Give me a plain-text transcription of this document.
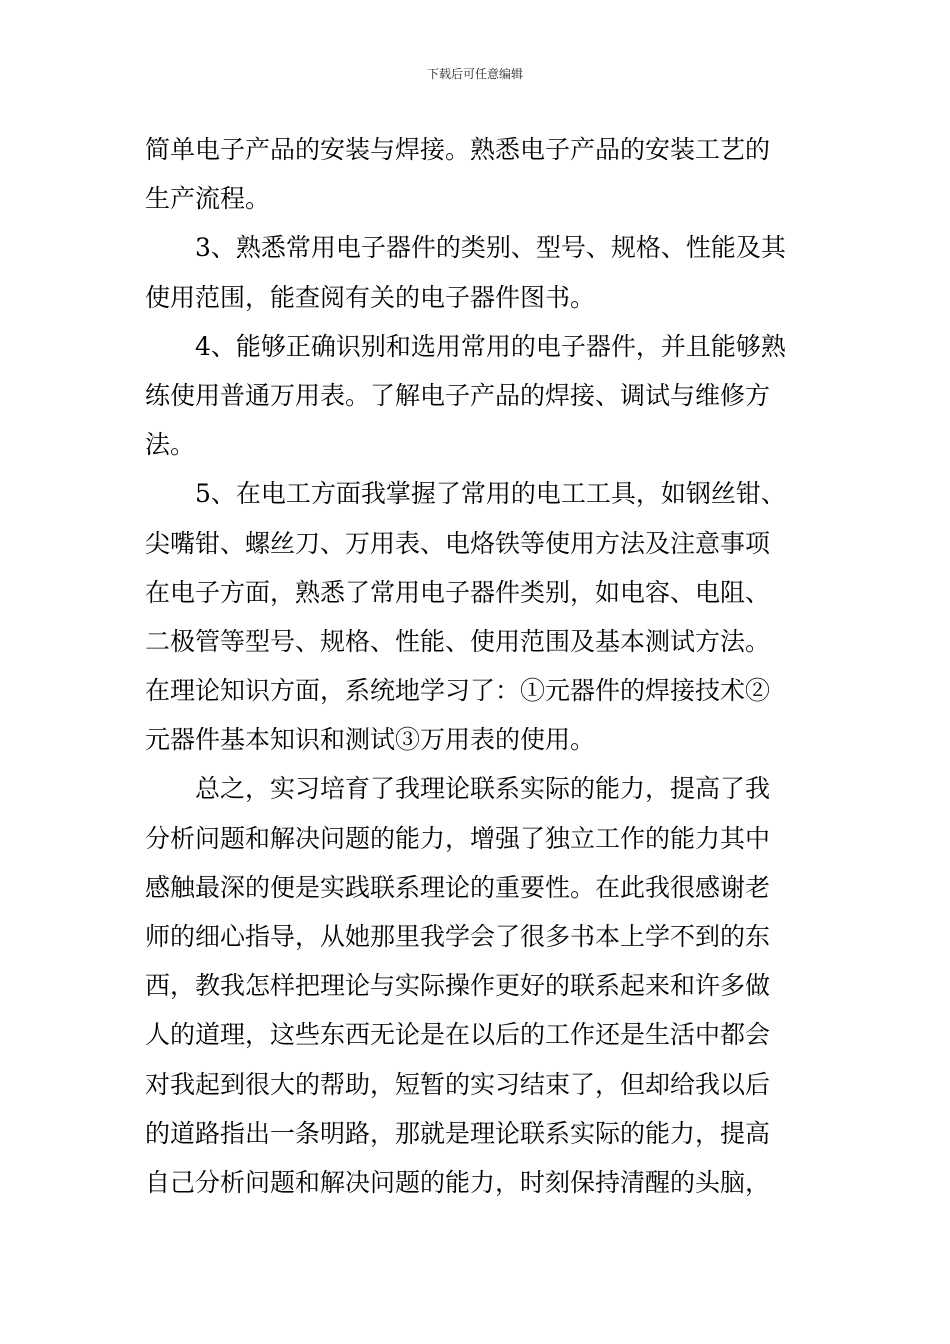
下载后可任意编辑
简单电子产品的安装与焊接。熟悉电子产品的安装工艺的
生产流程。
3、熟悉常用电子器件的类别、型号、规格、性能及其
使用范围，能查阅有关的电子器件图书。
4、能够正确识别和选用常用的电子器件，并且能够熟
练使用普通万用表。了解电子产品的焊接、调试与维修方
法。
5、在电工方面我掌握了常用的电工工具，如钢丝钳、
尖嘴钳、螺丝刀、万用表、电烙铁等使用方法及注意事项
在电子方面，熟悉了常用电子器件类别，如电容、电阻、
二极管等型号、规格、性能、使用范围及基本测试方法。
在理论知识方面，系统地学习了：①元器件的焊接技术②
元器件基本知识和测试③万用表的使用。
总之，实习培育了我理论联系实际的能力，提高了我
分析问题和解决问题的能力，增强了独立工作的能力其中
感触最深的便是实践联系理论的重要性。在此我很感谢老
师的细心指导，从她那里我学会了很多书本上学不到的东
西，教我怎样把理论与实际操作更好的联系起来和许多做
人的道理，这些东西无论是在以后的工作还是生活中都会
对我起到很大的帮助，短暂的实习结束了，但却给我以后
的道路指出一条明路，那就是理论联系实际的能力，提高
自己分析问题和解决问题的能力，时刻保持清醒的头脑，
